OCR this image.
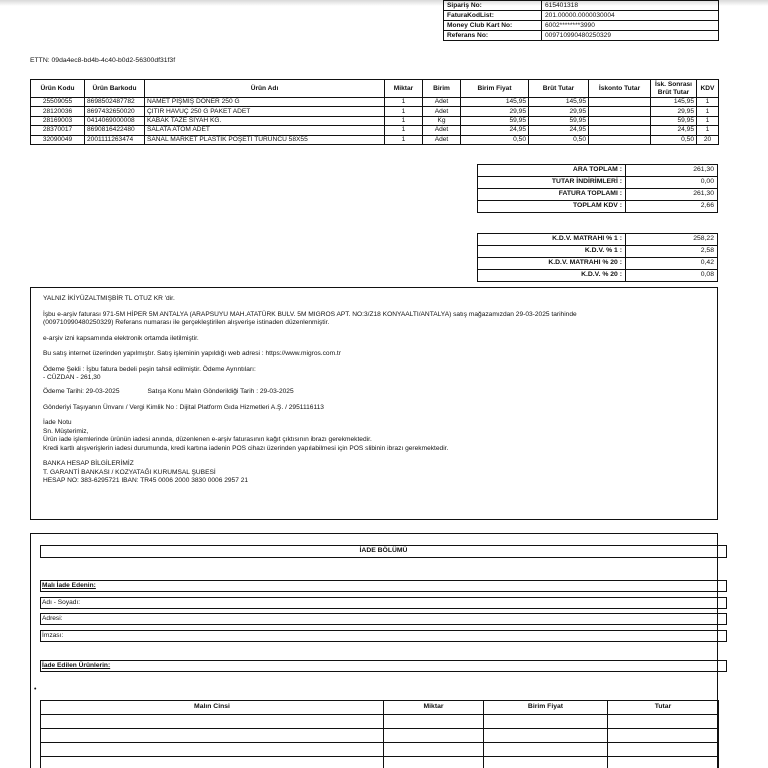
Sipariş No:	615401318
FaturaKodList:	201.00000.0000030004
Money Club Kart No:	6002********3990
Referans No:	009710990480250329
ETTN: 09da4ec8-bd4b-4c40-b0d2-56300df31f3f
Ürün Kodu	Ürün Barkodu	Ürün Adı	Miktar	Birim	Birim Fiyat	Brüt Tutar	İskonto Tutar	İsk. Sonrası Brüt Tutar	KDV
25509055	8698502487782	NAMET PİŞMİŞ DÖNER 250 G	1	Adet	145,95	145,95		145,95	1
28120036	8697432650020	ÇITIR HAVUÇ 250 G PAKET ADET	1	Adet	29,95	29,95		29,95	1
28169003	0414069000008	KABAK TAZE SİYAH KG.	1	Kg	59,95	59,95		59,95	1
28370017	8690816422480	SALATA ATOM ADET	1	Adet	24,95	24,95		24,95	1
32090049	2001111263474	SANAL MARKET PLASTİK POŞETİ TURUNCU 58X55	1	Adet	0,50	0,50		0,50	20
ARA TOPLAM :	261,30
TUTAR İNDİRİMLERİ :	0,00
FATURA TOPLAMI :	261,30
TOPLAM KDV :	2,66
K.D.V. MATRAHI % 1 :	258,22
K.D.V. % 1 :	2,58
K.D.V. MATRAHI % 20 :	0,42
K.D.V. % 20 :	0,08

YALNIZ İKİYÜZALTMIŞBİR TL OTUZ KR 'dir.

İşbu e-arşiv faturası 971-5M HİPER 5M ANTALYA (ARAPSUYU MAH.ATATÜRK BULV. 5M MIGROS APT. NO:3/Z18 KONYAALTI/ANTALYA) satış mağazamızdan 29-03-2025 tarihinde

(009710990480250329) Referans numarası ile gerçekleştirilen alışverişe istinaden düzenlenmiştir.

e-arşiv izni kapsamında elektronik ortamda iletilmiştir.

Bu satış internet üzerinden yapılmıştır. Satış işleminin yapıldığı web adresi : https://www.migros.com.tr

Ödeme Şekli : İşbu fatura bedeli peşin tahsil edilmiştir. Ödeme Ayrıntıları:

- CÜZDAN - 261,30

Ödeme Tarihi: 29-03-2025	Satışa Konu Malın Gönderildiği Tarih : 29-03-2025

Gönderiyi Taşıyanın Ünvanı / Vergi Kimlik No : Dijital Platform Gıda Hizmetleri A.Ş. / 2951116113

İade Notu

Sn. Müşterimiz,

Ürün iade işlemlerinde ürünün iadesi anında, düzenlenen e-arşiv faturasının kağıt çıktısının ibrazı gerekmektedir.

Kredi kartlı alışverişlerin iadesi durumunda, kredi kartına iadenin POS cihazı üzerinden yapılabilmesi için POS slibinin ibrazı gerekmektedir.

BANKA HESAP BİLGİLERİMİZ

T. GARANTİ BANKASI / KOZYATAĞI KURUMSAL ŞUBESİ

HESAP NO: 383-6295721 IBAN: TR45 0006 2000 3830 0006 2957 21

İADE BÖLÜMÜ
Malı İade Edenin:
Adı - Soyadı:
Adresi:
İmzası:
İade Edilen Ürünlerin:
•
Malın Cinsi	Miktar	Birim Fiyat	Tutar
